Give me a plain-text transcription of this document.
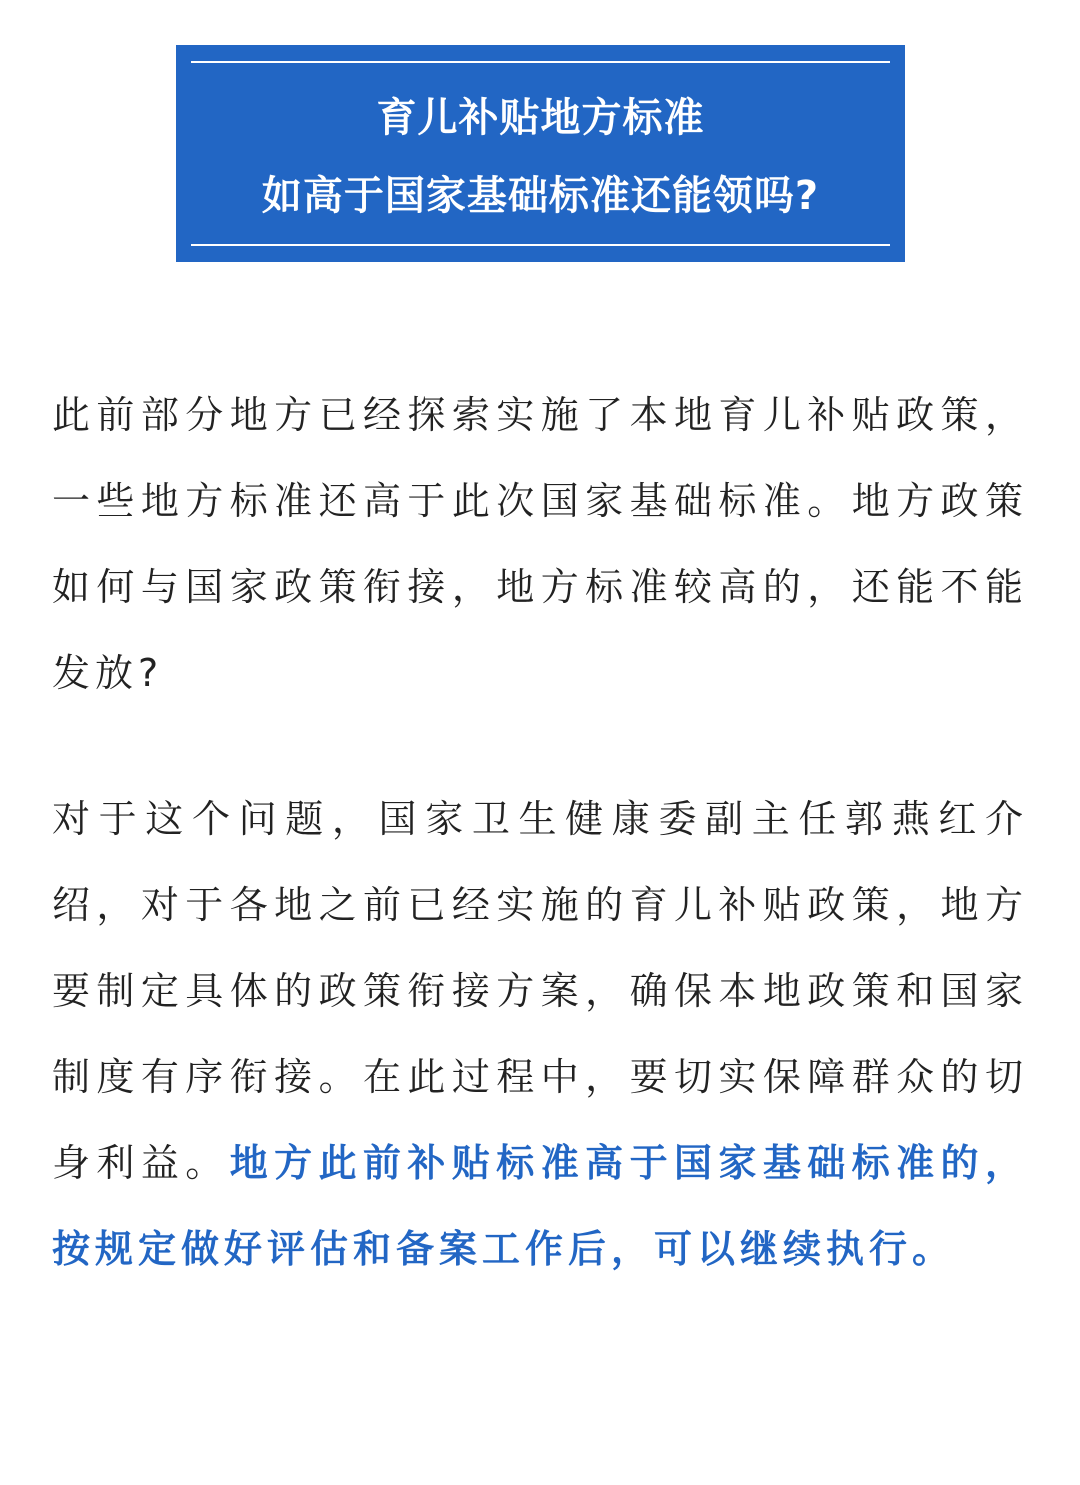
育儿补贴地方标准
如高于国家基础标准还能领吗?

此前部分地方已经探索实施了本地育儿补贴政策，一些地方标准还高于此次国家基础标准。地方政策如何与国家政策衔接，地方标准较高的，还能不能发放?

对于这个问题，国家卫生健康委副主任郭燕红介绍，对于各地之前已经实施的育儿补贴政策，地方要制定具体的政策衔接方案，确保本地政策和国家制度有序衔接。在此过程中，要切实保障群众的切身利益。地方此前补贴标准高于国家基础标准的，按规定做好评估和备案工作后，可以继续执行。
